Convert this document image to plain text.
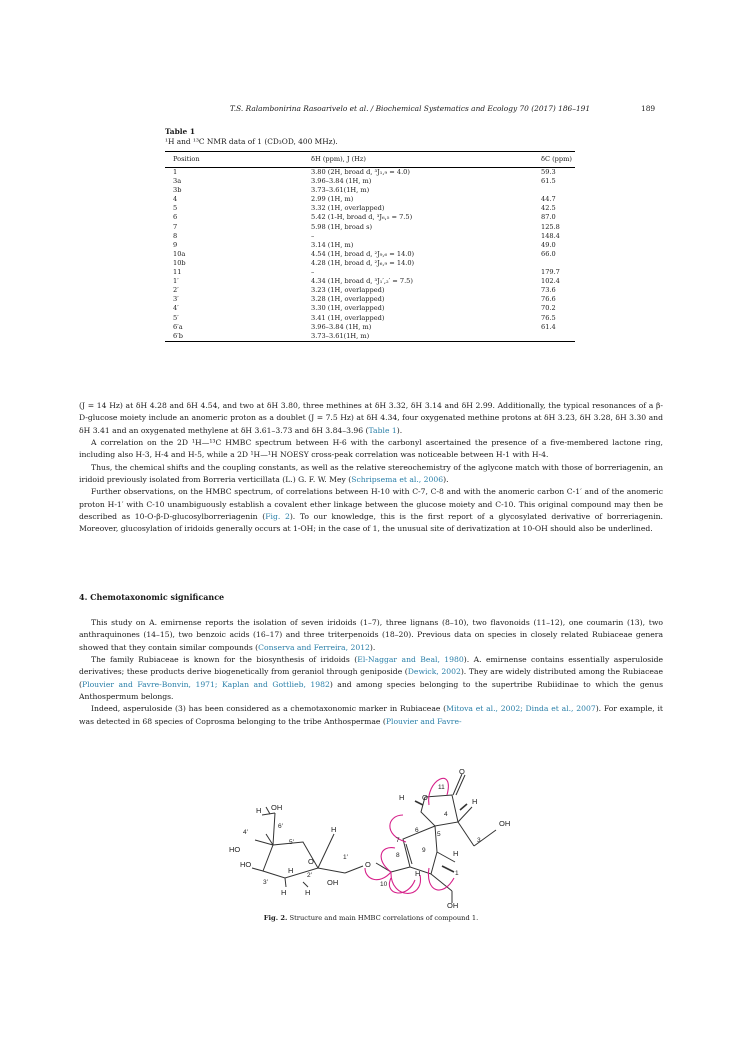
T.S. Ralambonirina Rasoarivelo et al. / Biochemical Systematics and Ecology 70 (2017) 186–191	189
Table 1
¹H and ¹³C NMR data of 1 (CD₃OD, 400 MHz).
Position	δH (ppm), J (Hz)	δC (ppm)
1	3.80 (2H, broad d, ³J₁,₉ = 4.0)	59.3
3a	3.96–3.84 (1H, m)	61.5
3b	3.73–3.61(1H, m)	
4	2.99 (1H, m)	44.7
5	3.32 (1H, overlapped)	42.5
6	5.42 (1-H, broad d, ³J₆,₅ = 7.5)	87.0
7	5.98 (1H, broad s)	125.8
8	–	148.4
9	3.14 (1H, m)	49.0
10a	4.54 (1H, broad d, ²J₉,₆ = 14.0)	66.0
10b	4.28 (1H, broad d, ²J₆,₉ = 14.0)	
11	–	179.7
1′	4.34 (1H, broad d, ³J₁′,₂′ = 7.5)	102.4
2′	3.23 (1H, overlapped)	73.6
3′	3.28 (1H, overlapped)	76.6
4′	3.30 (1H, overlapped)	70.2
5′	3.41 (1H, overlapped)	76.5
6′a	3.96–3.84 (1H, m)	61.4
6′b	3.73–3.61(1H, m)	

(J = 14 Hz) at δH 4.28 and δH 4.54, and two at δH 3.80, three methines at δH 3.32, δH 3.14 and δH 2.99. Additionally, the typical resonances of a β-D-glucose moiety include an anomeric proton as a doublet (J = 7.5 Hz) at δH 4.34, four oxygenated methine protons at δH 3.23, δH 3.28, δH 3.30 and δH 3.41 and an oxygenated methylene at δH 3.61–3.73 and δH 3.84–3.96 (Table 1).

A correlation on the 2D ¹H—¹³C HMBC spectrum between H-6 with the carbonyl ascertained the presence of a five-membered lactone ring, including also H-3, H-4 and H-5, while a 2D ¹H—¹H NOESY cross-peak correlation was noticeable between H-1 with H-4.

Thus, the chemical shifts and the coupling constants, as well as the relative stereochemistry of the aglycone match with those of borreriagenin, an iridoid previously isolated from Borreria verticillata (L.) G. F. W. Mey (Schripsema et al., 2006).

Further observations, on the HMBC spectrum, of correlations between H-10 with C-7, C-8 and with the anomeric carbon C-1′ and of the anomeric proton H-1′ with C-10 unambiguously establish a covalent ether linkage between the glucose moiety and C-10. This original compound may then be described as 10-O-β-D-glucosylborreriagenin (Fig. 2). To our knowledge, this is the first report of a glycosylated derivative of borreriagenin. Moreover, glucosylation of iridoids generally occurs at 1-OH; in the case of 1, the unusual site of derivatization at 10-OH should also be underlined.

4. Chemotaxonomic significance

This study on A. emirnense reports the isolation of seven iridoids (1–7), three lignans (8–10), two flavonoids (11–12), one coumarin (13), two anthraquinones (14–15), two benzoic acids (16–17) and three triterpenoids (18–20). Previous data on species in closely related Rubiaceae genera showed that they contain similar compounds (Conserva and Ferreira, 2012).

The family Rubiaceae is known for the biosynthesis of iridoids (El-Naggar and Beal, 1980). A. emirnense contains essentially asperuloside derivatives; these products derive biogenetically from geraniol through geniposide (Dewick, 2002). They are widely distributed among the Rubiaceae (Plouvier and Favre-Bonvin, 1971; Kaplan and Gottlieb, 1982) and among species belonging to the supertribe Rubiidinae to which the genus Anthospermum belongs.

Indeed, asperuloside (3) has been considered as a chemotaxonomic marker in Rubiaceae (Mitova et al., 2002; Dinda et al., 2007). For example, it was detected in 68 species of Coprosma belonging to the tribe Anthospermae (Plouvier and Favre-

O
O
11
H	H
4
OH
5
3
6
7
9	H
8
1
H
10
OH
O
1′
O
H
H OH
6′
4′
HO
5′
HO
3′
H
2′
OH
H H
Fig. 2. Structure and main HMBC correlations of compound 1.
